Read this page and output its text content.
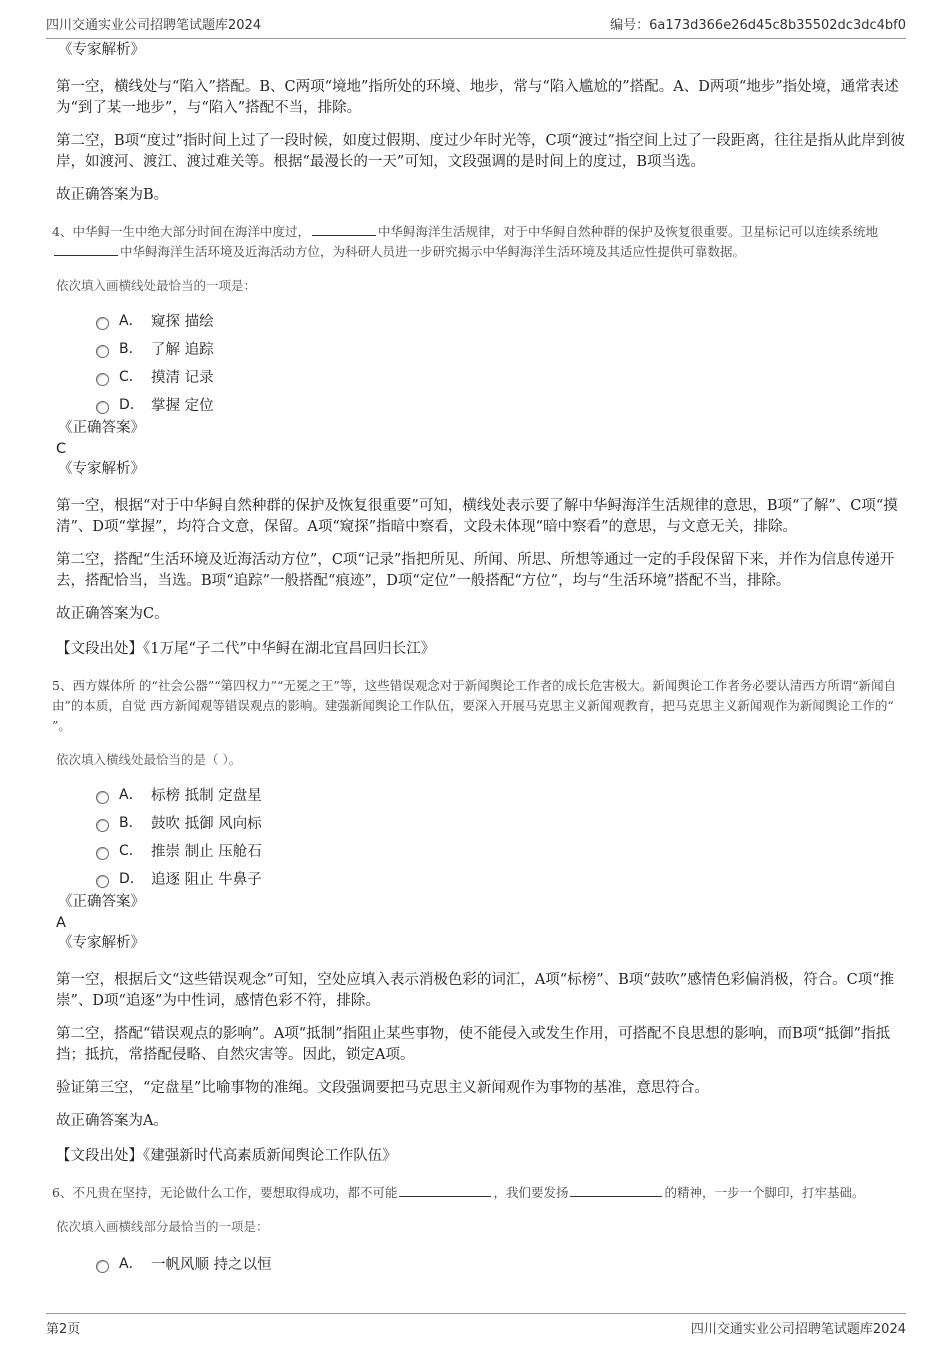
四川交通实业公司招聘笔试题库2024	编号：6a173d366e26d45c8b35502dc3dc4bf0
《专家解析》

第一空，横线处与“陷入”搭配。B、C两项“境地”指所处的环境、地步，常与“陷入尴尬的”搭配。A、D两项“地步”指处境，通常表述为“到了某一地步”，与“陷入”搭配不当，排除。

第二空，B项“度过”指时间上过了一段时候，如度过假期、度过少年时光等，C项“渡过”指空间上过了一段距离，往往是指从此岸到彼岸，如渡河、渡江、渡过难关等。根据“最漫长的一天”可知，文段强调的是时间上的度过，B项当选。

故正确答案为B。

4、中华鲟一生中绝大部分时间在海洋中度过，	中华鲟海洋生活规律，对于中华鲟自然种群的保护及恢复很重要。卫星标记可以连续系统地中华鲟海洋生活环境及近海活动方位，为科研人员进一步研究揭示中华鲟海洋生活环境及其适应性提供可靠数据。

依次填入画横线处最恰当的一项是：

A． 窥探 描绘
B． 了解 追踪
C． 摸清 记录
D． 掌握 定位
《正确答案》
C
《专家解析》

第一空，根据“对于中华鲟自然种群的保护及恢复很重要”可知，横线处表示要了解中华鲟海洋生活规律的意思，B项“了解”、C项“摸清”、D项“掌握”，均符合文意，保留。A项“窥探”指暗中察看，文段未体现“暗中察看”的意思，与文意无关，排除。

第二空，搭配“生活环境及近海活动方位”，C项“记录”指把所见、所闻、所思、所想等通过一定的手段保留下来，并作为信息传递开去，搭配恰当，当选。B项“追踪”一般搭配“痕迹”，D项“定位”一般搭配“方位”，均与“生活环境”搭配不当，排除。

故正确答案为C。

【文段出处】《1万尾“子二代”中华鲟在湖北宜昌回归长江》

5、西方媒体所 的“社会公器”“第四权力”“无冕之王”等，这些错误观念对于新闻舆论工作者的成长危害极大。新闻舆论工作者务必要认清西方所谓“新闻自由”的本质，自觉 西方新闻观等错误观点的影响。建强新闻舆论工作队伍，要深入开展马克思主义新闻观教育，把马克思主义新闻观作为新闻舆论工作的“ ”。

依次填入横线处最恰当的是（ ）。

A． 标榜 抵制 定盘星
B． 鼓吹 抵御 风向标
C． 推崇 制止 压舱石
D． 追逐 阻止 牛鼻子
《正确答案》
A
《专家解析》

第一空，根据后文“这些错误观念”可知，空处应填入表示消极色彩的词汇，A项“标榜”、B项“鼓吹”感情色彩偏消极，符合。C项“推崇”、D项“追逐”为中性词，感情色彩不符，排除。

第二空，搭配“错误观点的影响”。A项“抵制”指阻止某些事物，使不能侵入或发生作用，可搭配不良思想的影响，而B项“抵御”指抵挡；抵抗，常搭配侵略、自然灾害等。因此，锁定A项。

验证第三空，“定盘星”比喻事物的准绳。文段强调要把马克思主义新闻观作为事物的基准，意思符合。

故正确答案为A。

【文段出处】《建强新时代高素质新闻舆论工作队伍》

6、不凡贵在坚持，无论做什么工作，要想取得成功，都不可能	，我们要发扬	的精神，一步一个脚印，打牢基础。

依次填入画横线部分最恰当的一项是：

A． 一帆风顺 持之以恒
第2页	四川交通实业公司招聘笔试题库2024
